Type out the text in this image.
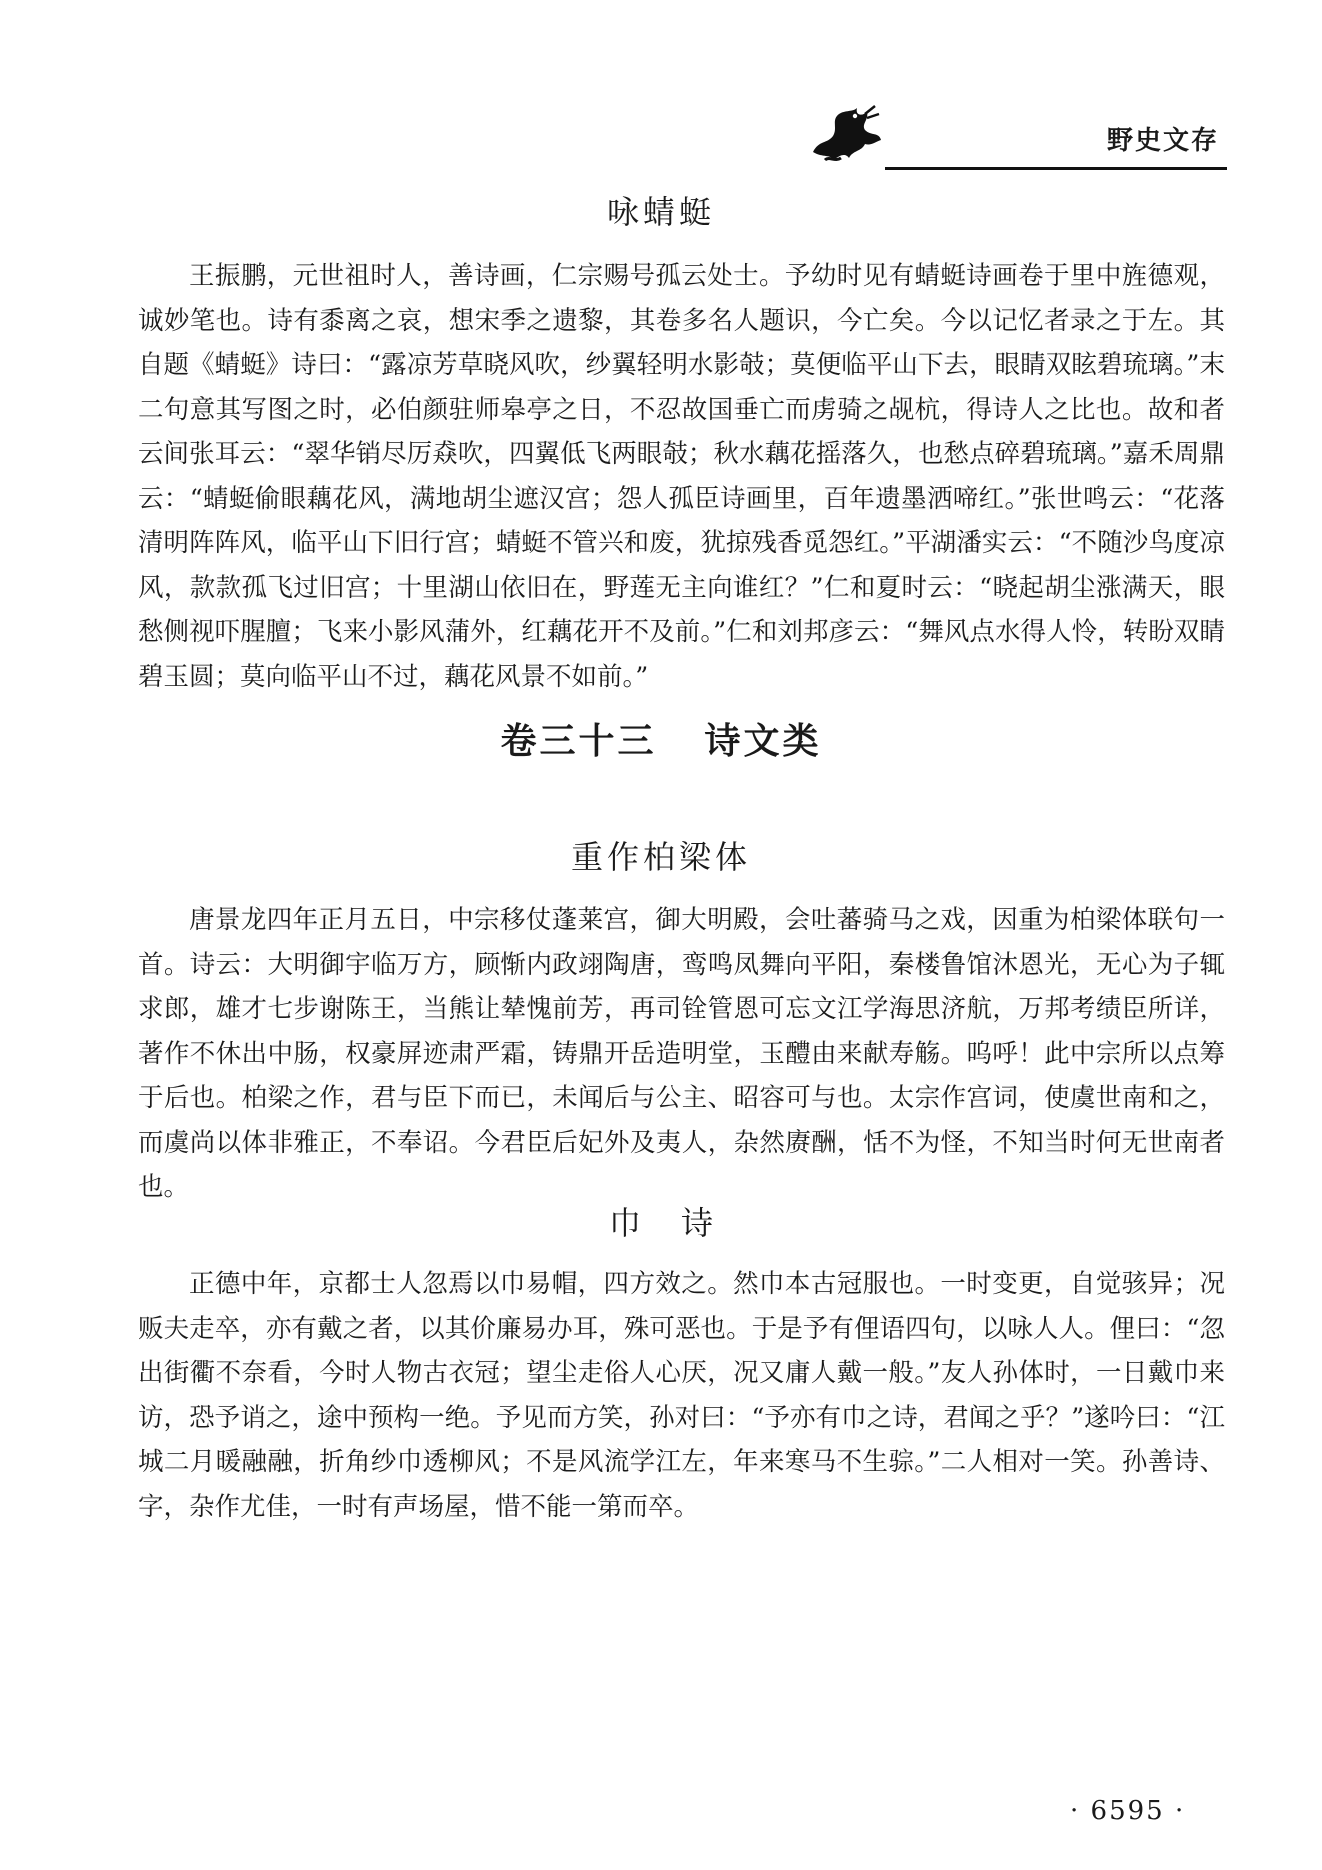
野史文存
咏蜻蜓

王振鹏，元世祖时人，善诗画，仁宗赐号孤云处士。予幼时见有蜻蜓诗画卷于里中旌德观，诚妙笔也。诗有黍离之哀，想宋季之遗黎，其卷多名人题识，今亡矣。今以记忆者录之于左。其自题《蜻蜓》诗曰：“露凉芳草晓风吹，纱翼轻明水影攲；莫便临平山下去，眼睛双眩碧琉璃。”末二句意其写图之时，必伯颜驻师皋亭之日，不忍故国垂亡而虏骑之觇杭，得诗人之比也。故和者云间张耳云：“翠华销尽厉猋吹，四翼低飞两眼攲；秋水藕花摇落久，也愁点碎碧琉璃。”嘉禾周鼎云：“蜻蜓偷眼藕花风，满地胡尘遮汉宫；怨人孤臣诗画里，百年遗墨洒啼红。”张世鸣云：“花落清明阵阵风，临平山下旧行宫；蜻蜓不管兴和废，犹掠残香觅怨红。”平湖潘实云：“不随沙鸟度凉风，款款孤飞过旧宫；十里湖山依旧在，野莲无主向谁红？”仁和夏时云：“晓起胡尘涨满天，眼愁侧视吓腥膻；飞来小影风蒲外，红藕花开不及前。”仁和刘邦彦云：“舞风点水得人怜，转盼双睛碧玉圆；莫向临平山不过，藕花风景不如前。”

卷三十三 诗文类
重作柏梁体

唐景龙四年正月五日，中宗移仗蓬莱宫，御大明殿，会吐蕃骑马之戏，因重为柏梁体联句一首。诗云：大明御宇临万方，顾惭内政翊陶唐，鸾鸣凤舞向平阳，秦楼鲁馆沐恩光，无心为子辄求郎，雄才七步谢陈王，当熊让辇愧前芳，再司铨管恩可忘文江学海思济航，万邦考绩臣所详，著作不休出中肠，权豪屏迹肃严霜，铸鼎开岳造明堂，玉醴由来献寿觞。呜呼！此中宗所以点筹于后也。柏梁之作，君与臣下而已，未闻后与公主、昭容可与也。太宗作宫词，使虞世南和之，而虞尚以体非雅正，不奉诏。今君臣后妃外及夷人，杂然赓酬，恬不为怪，不知当时何无世南者也。

巾诗

正德中年，京都士人忽焉以巾易帽，四方效之。然巾本古冠服也。一时变更，自觉骇异；况贩夫走卒，亦有戴之者，以其价廉易办耳，殊可恶也。于是予有俚语四句，以咏人人。俚曰：“忽出街衢不奈看，今时人物古衣冠；望尘走俗人心厌，况又庸人戴一般。”友人孙体时，一日戴巾来访，恐予诮之，途中预构一绝。予见而方笑，孙对曰：“予亦有巾之诗，君闻之乎？”遂吟曰：“江城二月暖融融，折角纱巾透柳风；不是风流学江左，年来寒马不生骔。”二人相对一笑。孙善诗、字，杂作尤佳，一时有声场屋，惜不能一第而卒。

· 6595 ·
